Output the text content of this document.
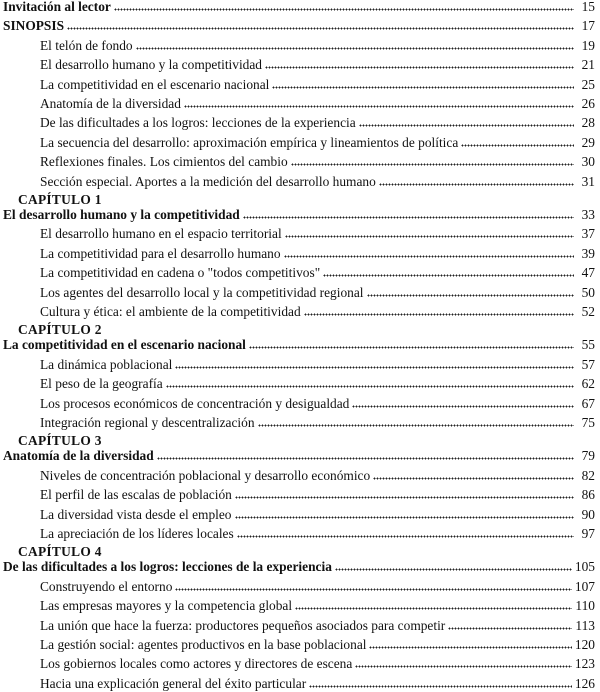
Invitación al lector	15
SINOPSIS	17
El telón de fondo	19
El desarrollo humano y la competitividad	21
La competitividad en el escenario nacional	25
Anatomía de la diversidad	26
De las dificultades a los logros: lecciones de la experiencia	28
La secuencia del desarrollo: aproximación empírica y lineamientos de política	29
Reflexiones finales. Los cimientos del cambio	30
Sección especial. Aportes a la medición del desarrollo humano	31
CAPÍTULO 1
El desarrollo humano y la competitividad	33
El desarrollo humano en el espacio territorial	37
La competitividad para el desarrollo humano	39
La competitividad en cadena o "todos competitivos"	47
Los agentes del desarrollo local y la competitividad regional	50
Cultura y ética: el ambiente de la competitividad	52
CAPÍTULO 2
La competitividad en el escenario nacional	55
La dinámica poblacional	57
El peso de la geografía	62
Los procesos económicos de concentración y desigualdad	67
Integración regional y descentralización	75
CAPÍTULO 3
Anatomía de la diversidad	79
Niveles de concentración poblacional y desarrollo económico	82
El perfil de las escalas de población	86
La diversidad vista desde el empleo	90
La apreciación de los líderes locales	97
CAPÍTULO 4
De las dificultades a los logros: lecciones de la experiencia	105
Construyendo el entorno	107
Las empresas mayores y la competencia global	110
La unión que hace la fuerza: productores pequeños asociados para competir	113
La gestión social: agentes productivos en la base poblacional	120
Los gobiernos locales como actores y directores de escena	123
Hacia una explicación general del éxito particular	126
